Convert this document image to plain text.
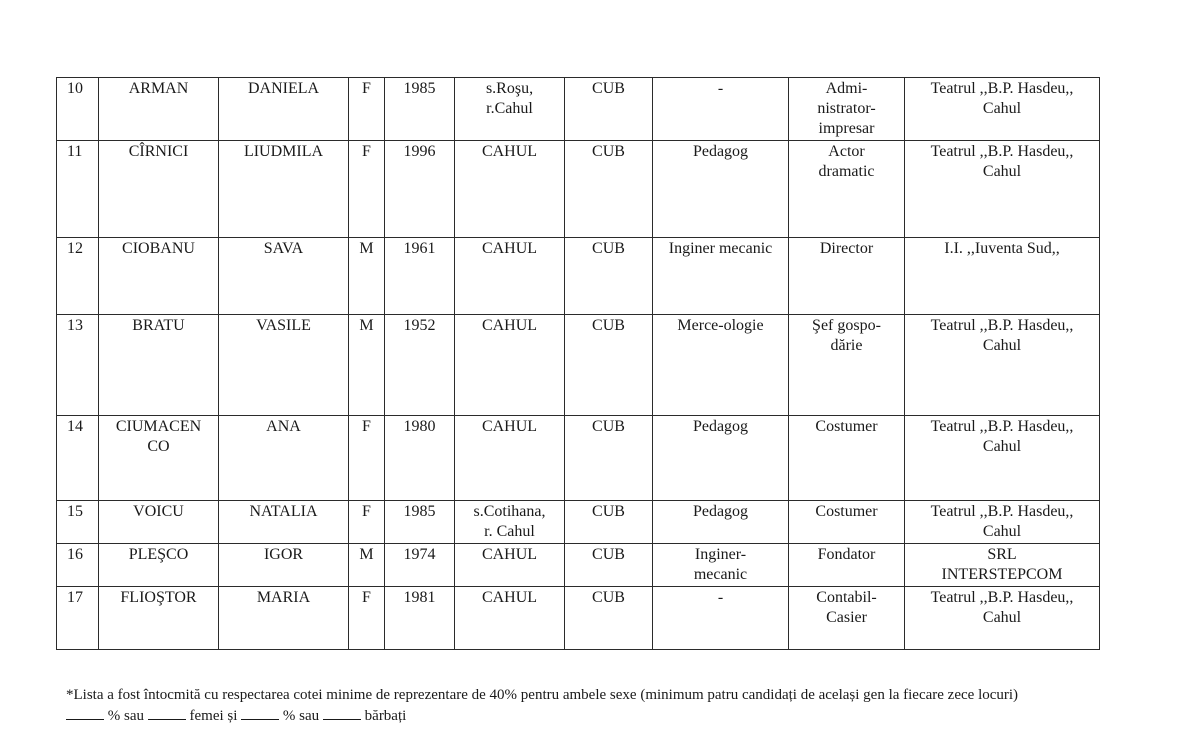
10	ARMAN	DANIELA	F	1985	s.Roşu,
r.Cahul	CUB	-	Admi-
nistrator-
impresar	Teatrul ,,B.P. Hasdeu,,
Cahul
11	CÎRNICI	LIUDMILA	F	1996	CAHUL	CUB	Pedagog	Actor
dramatic	Teatrul ,,B.P. Hasdeu,,
Cahul
12	CIOBANU	SAVA	M	1961	CAHUL	CUB	Inginer mecanic	Director	I.I. ,,Iuventa Sud,,
13	BRATU	VASILE	M	1952	CAHUL	CUB	Merce-ologie	Şef gospo-
dărie	Teatrul ,,B.P. Hasdeu,,
Cahul
14	CIUMACEN
CO	ANA	F	1980	CAHUL	CUB	Pedagog	Costumer	Teatrul ,,B.P. Hasdeu,,
Cahul
15	VOICU	NATALIA	F	1985	s.Cotihana,
r. Cahul	CUB	Pedagog	Costumer	Teatrul ,,B.P. Hasdeu,,
Cahul
16	PLEŞCO	IGOR	M	1974	CAHUL	CUB	Inginer-
mecanic	Fondator	SRL
INTERSTEPCOM
17	FLIOŞTOR	MARIA	F	1981	CAHUL	CUB	-	Contabil-
Casier	Teatrul ,,B.P. Hasdeu,,
Cahul
*Lista a fost întocmită cu respectarea cotei minime de reprezentare de 40% pentru ambele sexe (minimum patru candidați de același gen la fiecare zece locuri)
% sau	femei și	% sau	bărbați
